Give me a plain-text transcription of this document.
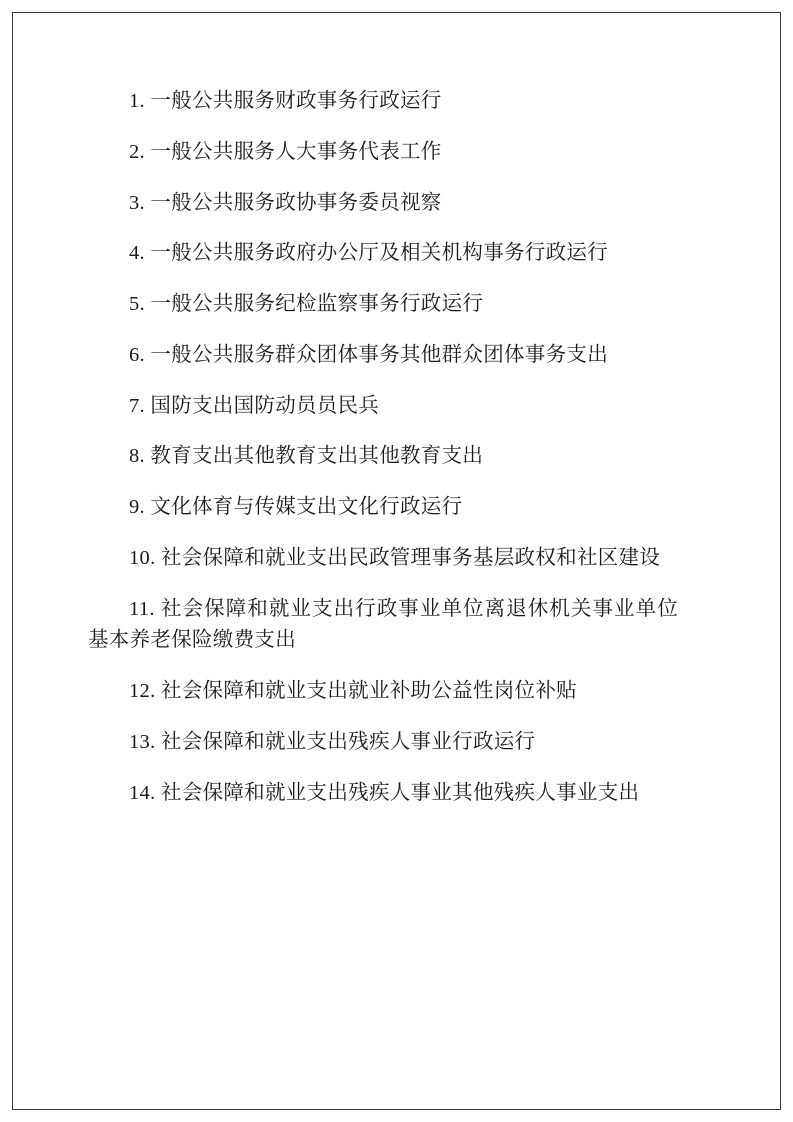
1. 一般公共服务财政事务行政运行

2. 一般公共服务人大事务代表工作

3. 一般公共服务政协事务委员视察

4. 一般公共服务政府办公厅及相关机构事务行政运行

5. 一般公共服务纪检监察事务行政运行

6. 一般公共服务群众团体事务其他群众团体事务支出

7. 国防支出国防动员员民兵

8. 教育支出其他教育支出其他教育支出

9. 文化体育与传媒支出文化行政运行

10. 社会保障和就业支出民政管理事务基层政权和社区建设

11. 社会保障和就业支出行政事业单位离退休机关事业单位基本养老保险缴费支出

12. 社会保障和就业支出就业补助公益性岗位补贴

13. 社会保障和就业支出残疾人事业行政运行

14. 社会保障和就业支出残疾人事业其他残疾人事业支出
